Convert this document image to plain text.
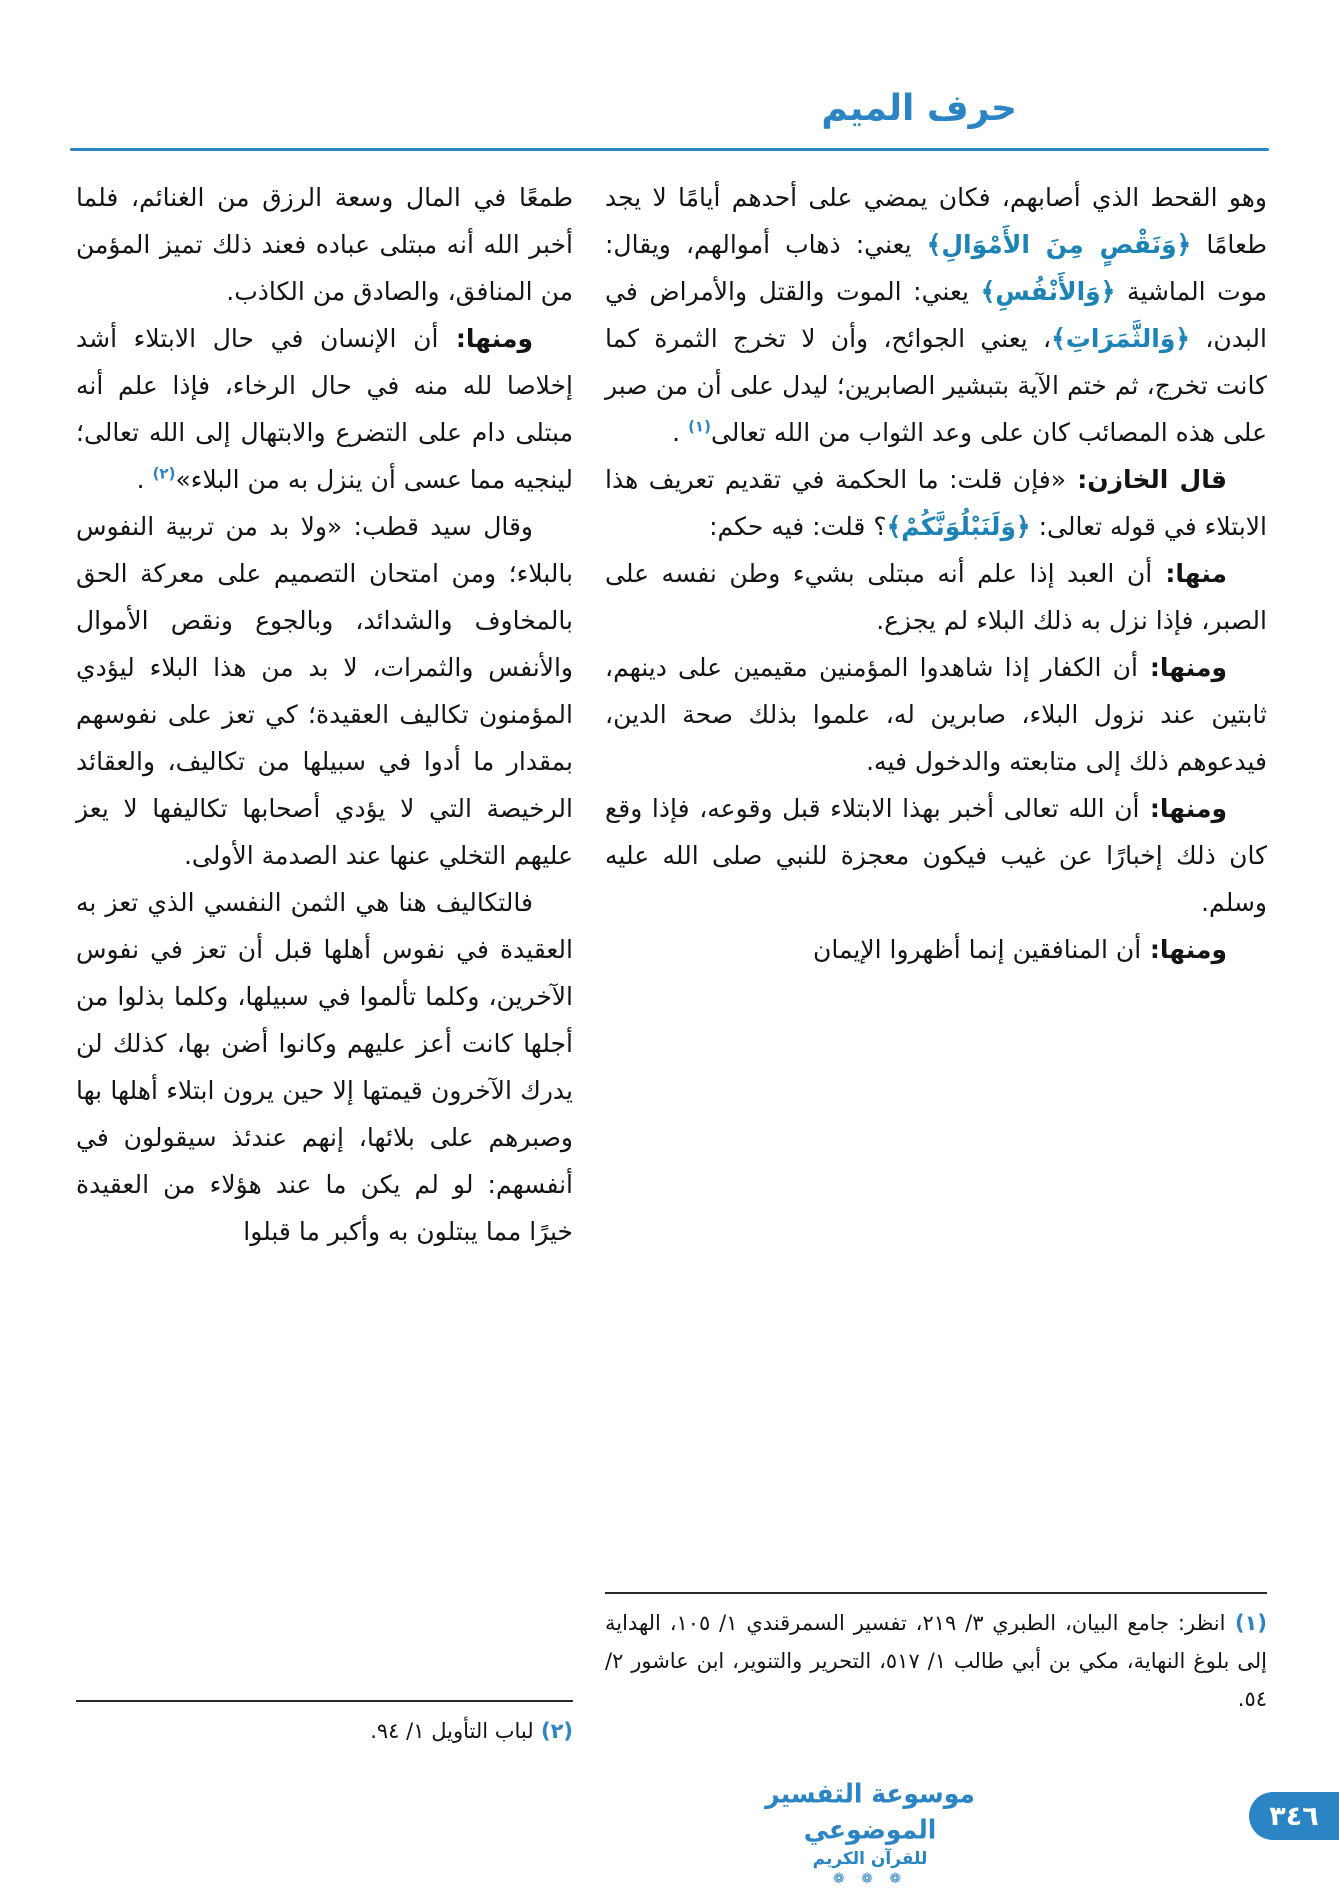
حرف الميم

وهو القحط الذي أصابهم، فكان يمضي على أحدهم أيامًا لا يجد طعامًا ﴿وَنَقْصٍ مِنَ الأَمْوَالِ﴾ يعني: ذهاب أموالهم، ويقال: موت الماشية ﴿وَالأَنْفُسِ﴾ يعني: الموت والقتل والأمراض في البدن، ﴿وَالثَّمَرَاتِ﴾، يعني الجوائح، وأن لا تخرج الثمرة كما كانت تخرج، ثم ختم الآية بتبشير الصابرين؛ ليدل على أن من صبر على هذه المصائب كان على وعد الثواب من الله تعالى$^{(١)}$ .

قال الخازن: «فإن قلت: ما الحكمة في تقديم تعريف هذا الابتلاء في قوله تعالى: ﴿وَلَنَبْلُوَنَّكُمْ﴾؟ قلت: فيه حكم:

منها: أن العبد إذا علم أنه مبتلى بشيء وطن نفسه على الصبر، فإذا نزل به ذلك البلاء لم يجزع.

ومنها: أن الكفار إذا شاهدوا المؤمنين مقيمين على دينهم، ثابتين عند نزول البلاء، صابرين له، علموا بذلك صحة الدين، فيدعوهم ذلك إلى متابعته والدخول فيه.

ومنها: أن الله تعالى أخبر بهذا الابتلاء قبل وقوعه، فإذا وقع كان ذلك إخبارًا عن غيب فيكون معجزة للنبي صلى الله عليه وسلم.

ومنها: أن المنافقين إنما أظهروا الإيمان

طمعًا في المال وسعة الرزق من الغنائم، فلما أخبر الله أنه مبتلى عباده فعند ذلك تميز المؤمن من المنافق، والصادق من الكاذب.

ومنها: أن الإنسان في حال الابتلاء أشد إخلاصا لله منه في حال الرخاء، فإذا علم أنه مبتلى دام على التضرع والابتهال إلى الله تعالى؛ لينجيه مما عسى أن ينزل به من البلاء»$^{(٢)}$ .

وقال سيد قطب: «ولا بد من تربية النفوس بالبلاء؛ ومن امتحان التصميم على معركة الحق بالمخاوف والشدائد، وبالجوع ونقص الأموال والأنفس والثمرات، لا بد من هذا البلاء ليؤدي المؤمنون تكاليف العقيدة؛ كي تعز على نفوسهم بمقدار ما أدوا في سبيلها من تكاليف، والعقائد الرخيصة التي لا يؤدي أصحابها تكاليفها لا يعز عليهم التخلي عنها عند الصدمة الأولى.

فالتكاليف هنا هي الثمن النفسي الذي تعز به العقيدة في نفوس أهلها قبل أن تعز في نفوس الآخرين، وكلما تألموا في سبيلها، وكلما بذلوا من أجلها كانت أعز عليهم وكانوا أضن بها، كذلك لن يدرك الآخرون قيمتها إلا حين يرون ابتلاء أهلها بها وصبرهم على بلائها، إنهم عندئذ سيقولون في أنفسهم: لو لم يكن ما عند هؤلاء من العقيدة خيرًا مما يبتلون به وأكبر ما قبلوا

(١) انظر: جامع البيان، الطبري ٣/ ٢١٩، تفسير السمرقندي ١/ ١٠٥، الهداية إلى بلوغ النهاية، مكي بن أبي طالب ١/ ٥١٧، التحرير والتنوير، ابن عاشور ٢/ ٥٤.

(٢) لباب التأويل ١/ ٩٤.

موسوعة التفسير الموضوعي
للقرآن الكريم
❁ ❁ ❁
٣٤٦
